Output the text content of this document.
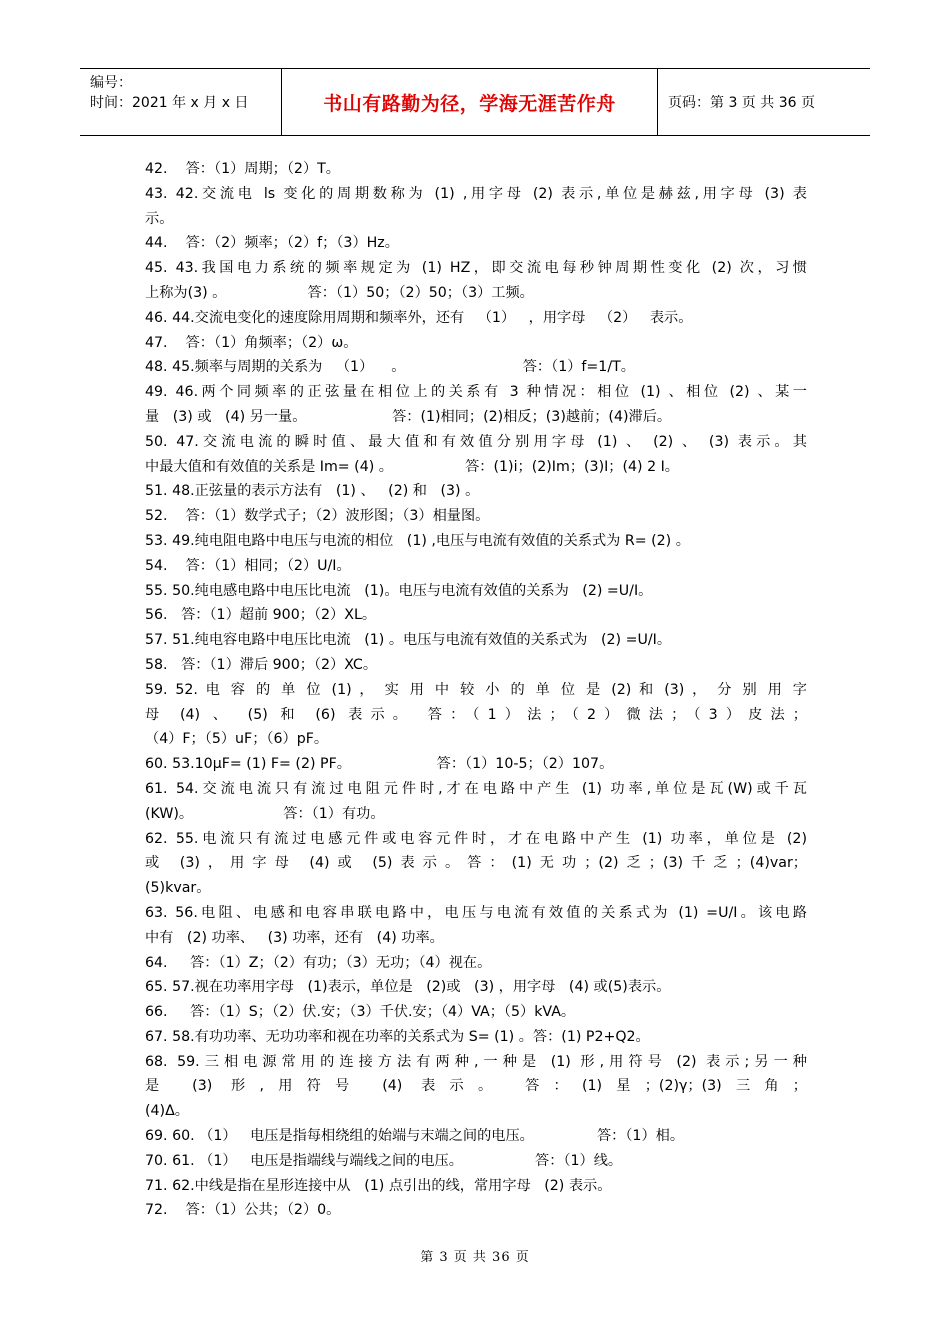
编号：
时间：2021 年 x 月 x 日	书山有路勤为径，学海无涯苦作舟	页码：第 3 页 共 36 页
42.    答：（1）周期；（2）T。
43. 42.交流电 ls 变化的周期数称为 (1) ,用字母 (2) 表示,单位是赫兹,用字母 (3) 表
示。
44.    答：（2）频率；（2）f；（3）Hz。
45. 43.我国电力系统的频率规定为 (1) HZ，即交流电每秒钟周期性变化 (2) 次，习惯
上称为(3) 。                  答：（1）50；（2）50；（3）工频。
46. 44.交流电变化的速度除用周期和频率外，还有   （1）   ，用字母   （2）   表示。
47.    答：（1）角频率；（2）ω。
48. 45.频率与周期的关系为   （1）    。                          答：（1）f=1/T。
49. 46.两个同频率的正弦量在相位上的关系有 3 种情况：相位 (1) 、相位 (2) 、某一
量   (3) 或   (4) 另一量。                   答：(1)相同；(2)相反；(3)越前；(4)滞后。
50. 47.交流电流的瞬时值、最大值和有效值分别用字母 (1) 、 (2) 、 (3) 表示。其
中最大值和有效值的关系是 Im= (4) 。                答：(1)i；(2)Im；(3)I；(4) 2 I。
51. 48.正弦量的表示方法有   (1) 、   (2) 和   (3) 。
52.    答：（1）数学式子；（2）波形图；（3）相量图。
53. 49.纯电阻电路中电压与电流的相位   (1) ,电压与电流有效值的关系式为 R= (2) 。
54.    答：（1）相同；（2）U/I。
55. 50.纯电感电路中电压比电流   (1)。电压与电流有效值的关系为   (2) =U/I。
56.   答：（1）超前 900；（2）XL。
57. 51.纯电容电路中电压比电流   (1) 。电压与电流有效值的关系式为   (2) =U/I。
58.   答：（1）滞后 900；（2）XC。
59. 52. 电 容 的 单 位 (1) ， 实 用 中 较 小 的 单 位 是 (2) 和 (3) ， 分 别 用 字
母 (4) 、 (5) 和 (6) 表示。 答：（1）法；（2）微法；（3）皮法；
（4）F；（5）uF；（6）pF。
60. 53.10μF= (1) F= (2) PF。                   答：（1）10-5；（2）107。
61. 54.交流电流只有流过电阻元件时,才在电路中产生 (1) 功率,单位是瓦(W)或千瓦
(KW)。                    答：（1）有功。
62. 55.电流只有流过电感元件或电容元件时，才在电路中产生 (1) 功率，单位是 (2)
或 (3)，用字母 (4)或 (5)表示。答：(1)无功；(2)乏；(3)千乏；(4)var；
(5)kvar。
63. 56.电阻、电感和电容串联电路中，电压与电流有效值的关系式为 (1) =U/I。该电路
中有   (2) 功率、   (3) 功率，还有   (4) 功率。
64.     答：（1）Z；（2）有功；（3）无功；（4）视在。
65. 57.视在功率用字母   (1)表示，单位是   (2)或   (3) ，用字母   (4) 或(5)表示。
66.     答：（1）S；（2）伏.安；（3）千伏.安；（4）VA；（5）kVA。
67. 58.有功功率、无功功率和视在功率的关系式为 S= (1) 。答：(1) P2+Q2。
68. 59.三相电源常用的连接方法有两种,一种是 (1) 形,用符号 (2) 表示;另一种
是 (3) 形,用符号 (4) 表示。 答：(1)星；(2)γ；(3)三角；
(4)Δ。
69. 60. （1）   电压是指每相绕组的始端与末端之间的电压。              答：（1）相。
70. 61. （1）   电压是指端线与端线之间的电压。                答：（1）线。
71. 62.中线是指在星形连接中从   (1) 点引出的线，常用字母   (2) 表示。
72.    答：（1）公共；（2）0。
第 3 页 共 36 页
